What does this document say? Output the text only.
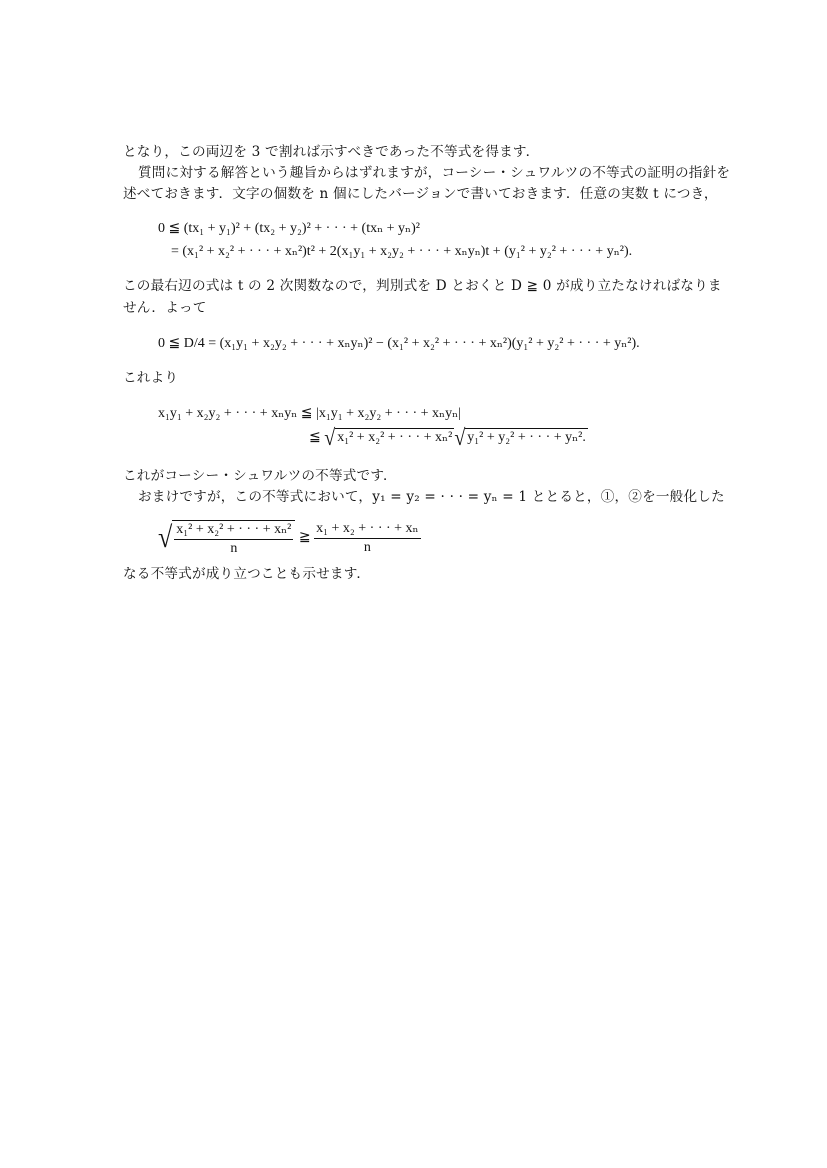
となり，この両辺を 3 で割れば示すべきであった不等式を得ます．
質問に対する解答という趣旨からはずれますが，コーシー・シュワルツの不等式の証明の指針を
述べておきます．文字の個数を n 個にしたバージョンで書いておきます．任意の実数 t につき，
0 ≦ (tx₁ + y₁)² + (tx₂ + y₂)² + · · · + (txₙ + yₙ)²
= (x₁² + x₂² + · · · + xₙ²)t² + 2(x₁y₁ + x₂y₂ + · · · + xₙyₙ)t + (y₁² + y₂² + · · · + yₙ²).
この最右辺の式は t の 2 次関数なので，判別式を D とおくと D ≧ 0 が成り立たなければなりま
せん．よって
0 ≦ D/4 = (x₁y₁ + x₂y₂ + · · · + xₙyₙ)² − (x₁² + x₂² + · · · + xₙ²)(y₁² + y₂² + · · · + yₙ²).
これより
x₁y₁ + x₂y₂ + · · · + xₙyₙ ≦ |x₁y₁ + x₂y₂ + · · · + xₙyₙ|
≦ √ x₁² + x₂² + · · · + xₙ² √ y₁² + y₂² + · · · + yₙ².
これがコーシー・シュワルツの不等式です．
おまけですが，この不等式において，y₁ = y₂ = · · · = yₙ = 1 ととると，①，②を一般化した
√ $\frac{\text{x₁² + x₂² + · · · + xₙ²}}{n}$ ≧ $\frac{\text{x₁ + x₂ + · · · + xₙ}}{n}$
なる不等式が成り立つことも示せます．
